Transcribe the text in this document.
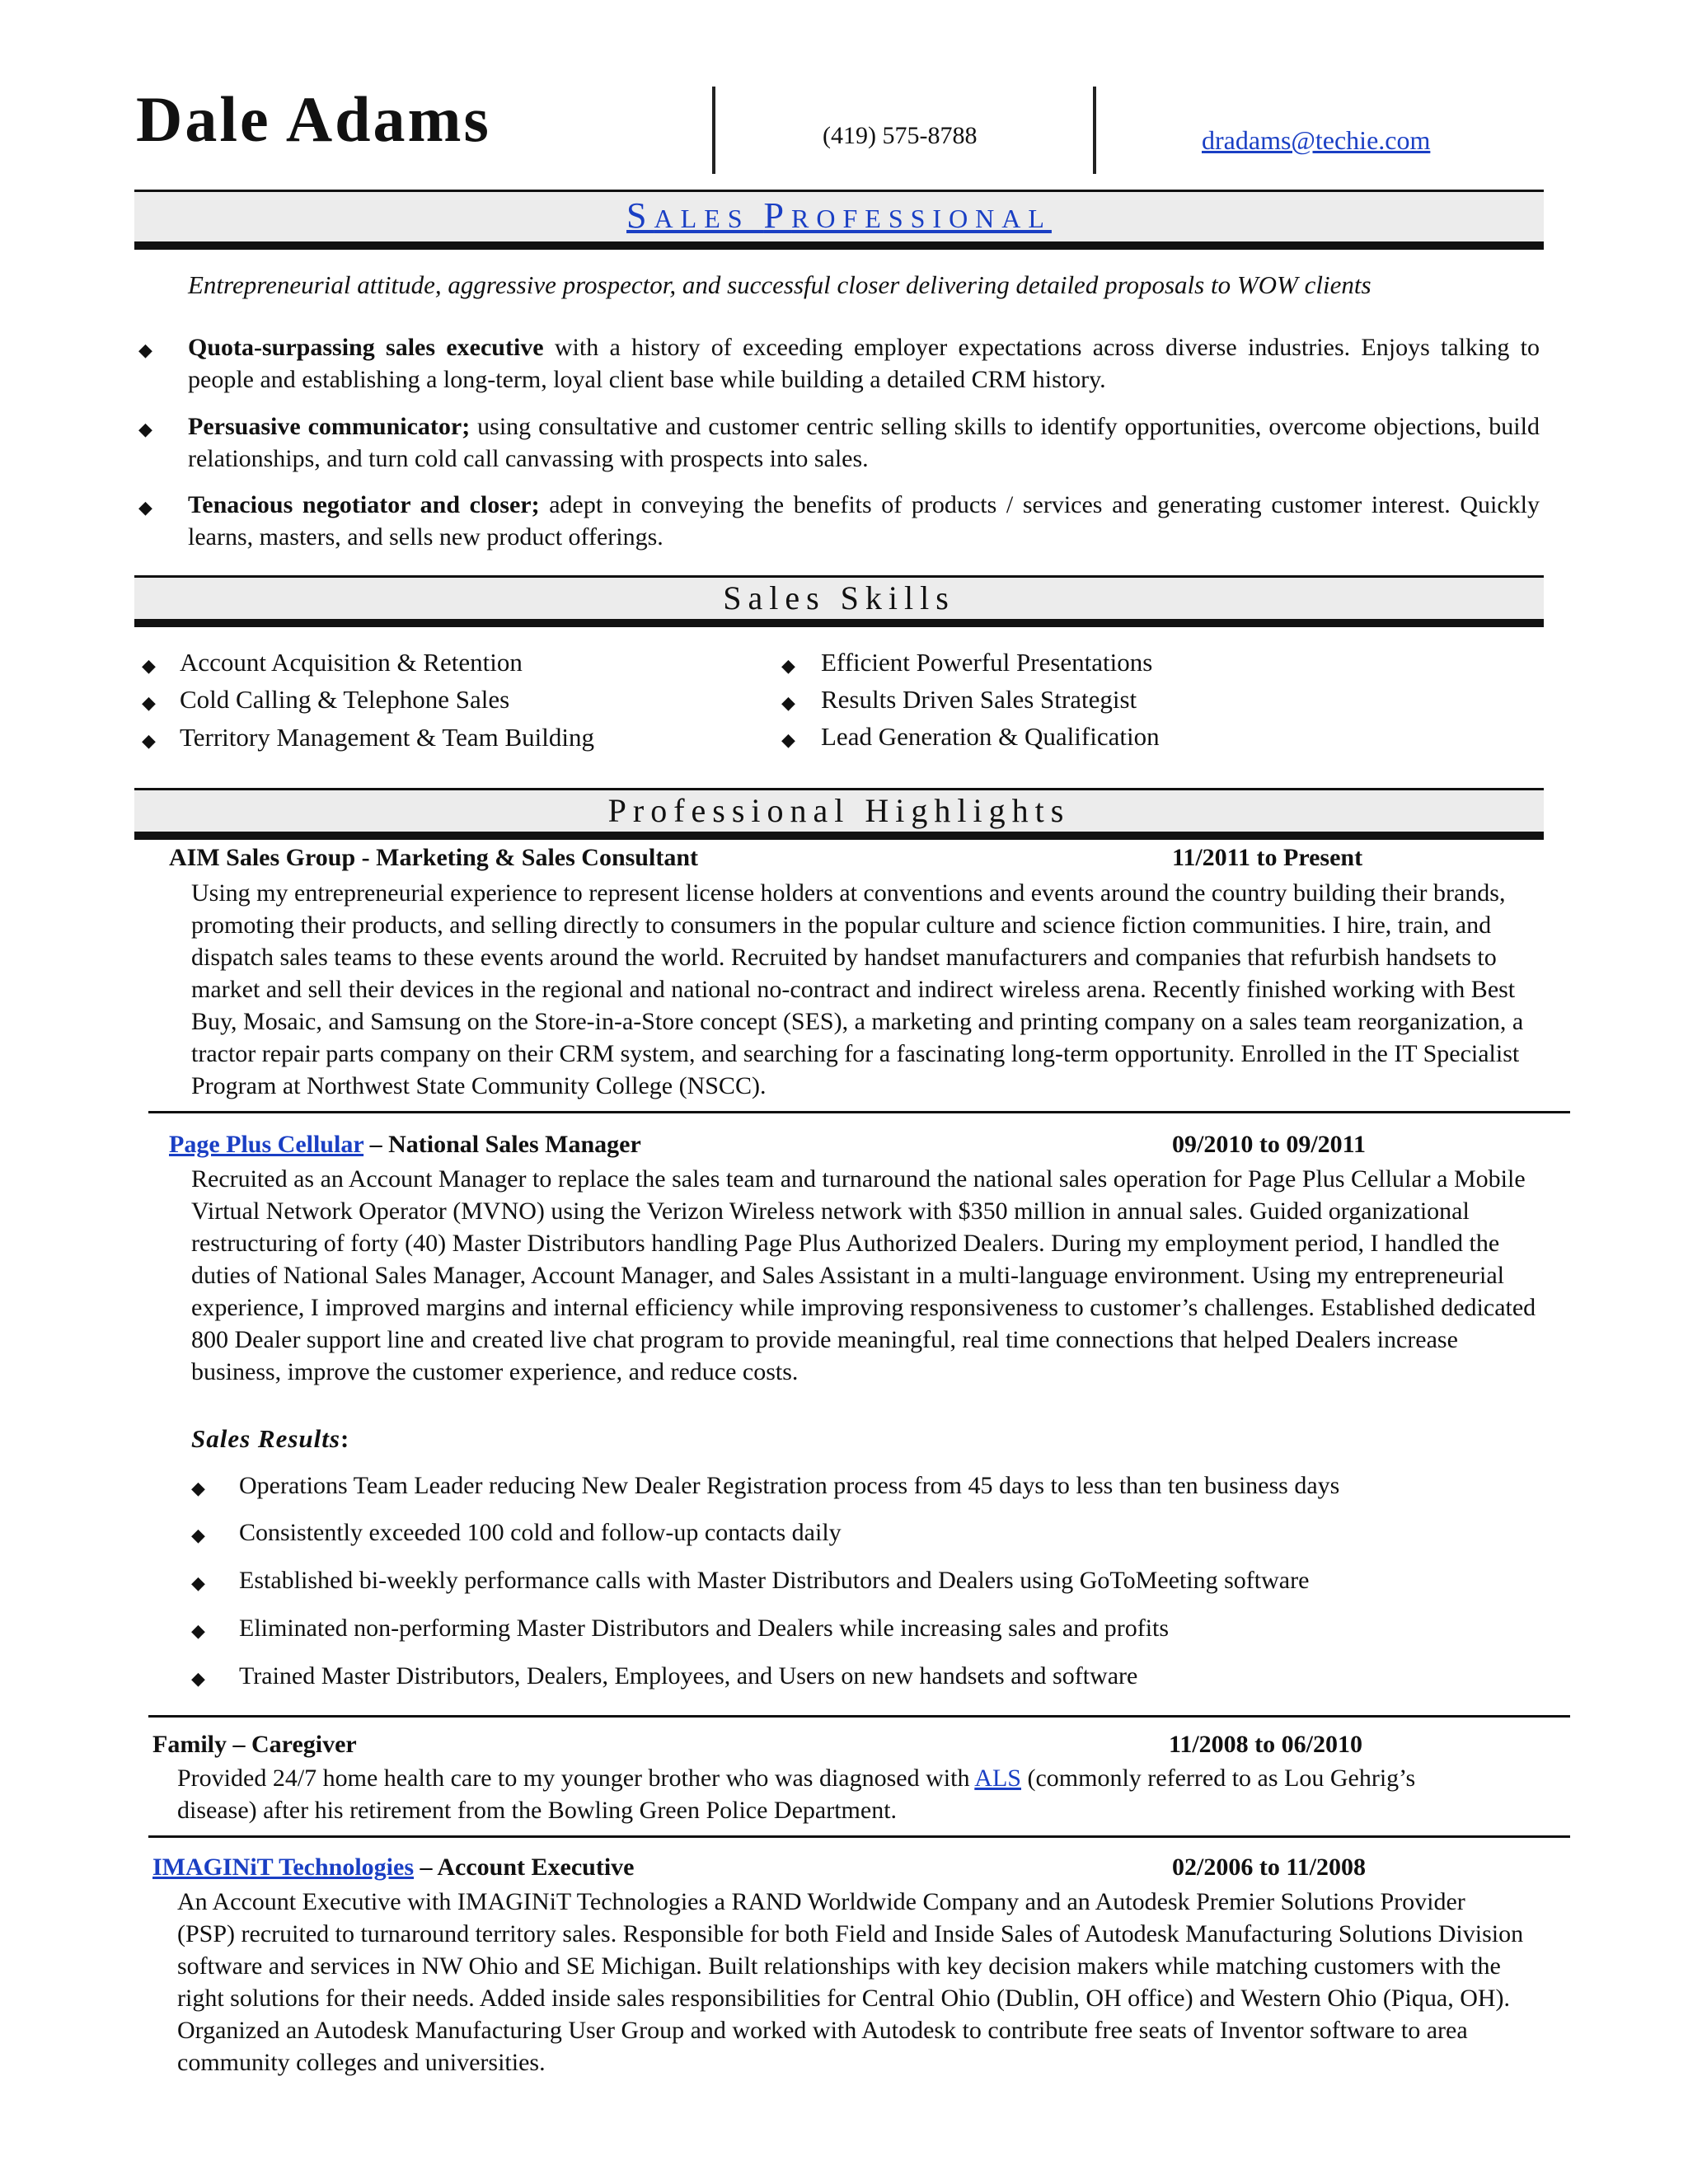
Dale Adams	(419) 575-8788	dradams@techie.com
SALES PROFESSIONAL
Entrepreneurial attitude, aggressive prospector, and successful closer delivering detailed proposals to WOW clients
◆ Quota-surpassing sales executive with a history of exceeding employer expectations across diverse industries. Enjoys talking to people and establishing a long-term, loyal client base while building a detailed CRM history.
◆ Persuasive communicator; using consultative and customer centric selling skills to identify opportunities, overcome objections, build relationships, and turn cold call canvassing with prospects into sales.
◆ Tenacious negotiator and closer; adept in conveying the benefits of products / services and generating customer interest. Quickly learns, masters, and sells new product offerings.
Sales Skills
◆ Account Acquisition & Retention
◆ Cold Calling & Telephone Sales
◆ Territory Management & Team Building
◆ Efficient Powerful Presentations
◆ Results Driven Sales Strategist
◆ Lead Generation & Qualification
Professional Highlights
AIM Sales Group - Marketing & Sales Consultant	11/2011 to Present
Using my entrepreneurial experience to represent license holders at conventions and events around the country building their brands, promoting their products, and selling directly to consumers in the popular culture and science fiction communities. I hire, train, and dispatch sales teams to these events around the world. Recruited by handset manufacturers and companies that refurbish handsets to market and sell their devices in the regional and national no-contract and indirect wireless arena. Recently finished working with Best Buy, Mosaic, and Samsung on the Store-in-a-Store concept (SES), a marketing and printing company on a sales team reorganization, a tractor repair parts company on their CRM system, and searching for a fascinating long-term opportunity. Enrolled in the IT Specialist Program at Northwest State Community College (NSCC).
Page Plus Cellular – National Sales Manager	09/2010 to 09/2011
Recruited as an Account Manager to replace the sales team and turnaround the national sales operation for Page Plus Cellular a Mobile Virtual Network Operator (MVNO) using the Verizon Wireless network with $350 million in annual sales. Guided organizational restructuring of forty (40) Master Distributors handling Page Plus Authorized Dealers. During my employment period, I handled the duties of National Sales Manager, Account Manager, and Sales Assistant in a multi-language environment. Using my entrepreneurial experience, I improved margins and internal efficiency while improving responsiveness to customer’s challenges. Established dedicated 800 Dealer support line and created live chat program to provide meaningful, real time connections that helped Dealers increase business, improve the customer experience, and reduce costs.
Sales Results:
◆ Operations Team Leader reducing New Dealer Registration process from 45 days to less than ten business days
◆ Consistently exceeded 100 cold and follow-up contacts daily
◆ Established bi-weekly performance calls with Master Distributors and Dealers using GoToMeeting software
◆ Eliminated non-performing Master Distributors and Dealers while increasing sales and profits
◆ Trained Master Distributors, Dealers, Employees, and Users on new handsets and software
Family – Caregiver	11/2008 to 06/2010
Provided 24/7 home health care to my younger brother who was diagnosed with ALS (commonly referred to as Lou Gehrig’s disease) after his retirement from the Bowling Green Police Department.
IMAGINiT Technologies – Account Executive	02/2006 to 11/2008
An Account Executive with IMAGINiT Technologies a RAND Worldwide Company and an Autodesk Premier Solutions Provider (PSP) recruited to turnaround territory sales. Responsible for both Field and Inside Sales of Autodesk Manufacturing Solutions Division software and services in NW Ohio and SE Michigan. Built relationships with key decision makers while matching customers with the right solutions for their needs. Added inside sales responsibilities for Central Ohio (Dublin, OH office) and Western Ohio (Piqua, OH). Organized an Autodesk Manufacturing User Group and worked with Autodesk to contribute free seats of Inventor software to area community colleges and universities.
